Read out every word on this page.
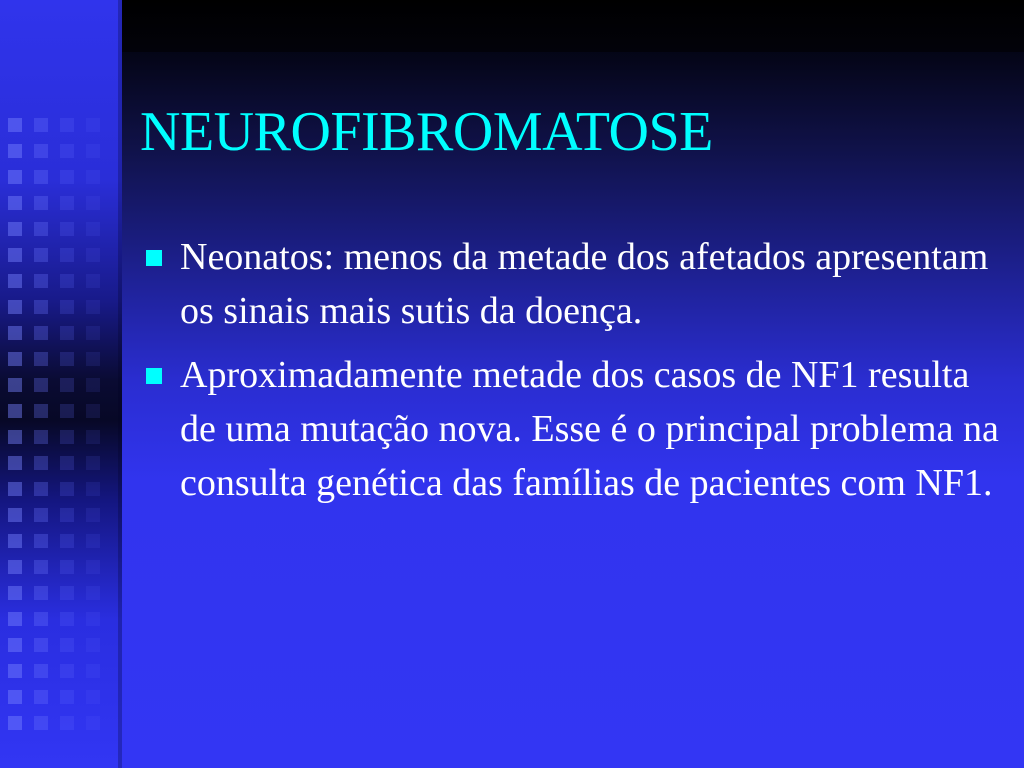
NEUROFIBROMATOSE
Neonatos: menos da metade dos afetados apresentam os sinais mais sutis da doença.
Aproximadamente metade dos casos de NF1 resulta de uma mutação nova. Esse é o principal problema na consulta genética das famílias de pacientes com NF1.
